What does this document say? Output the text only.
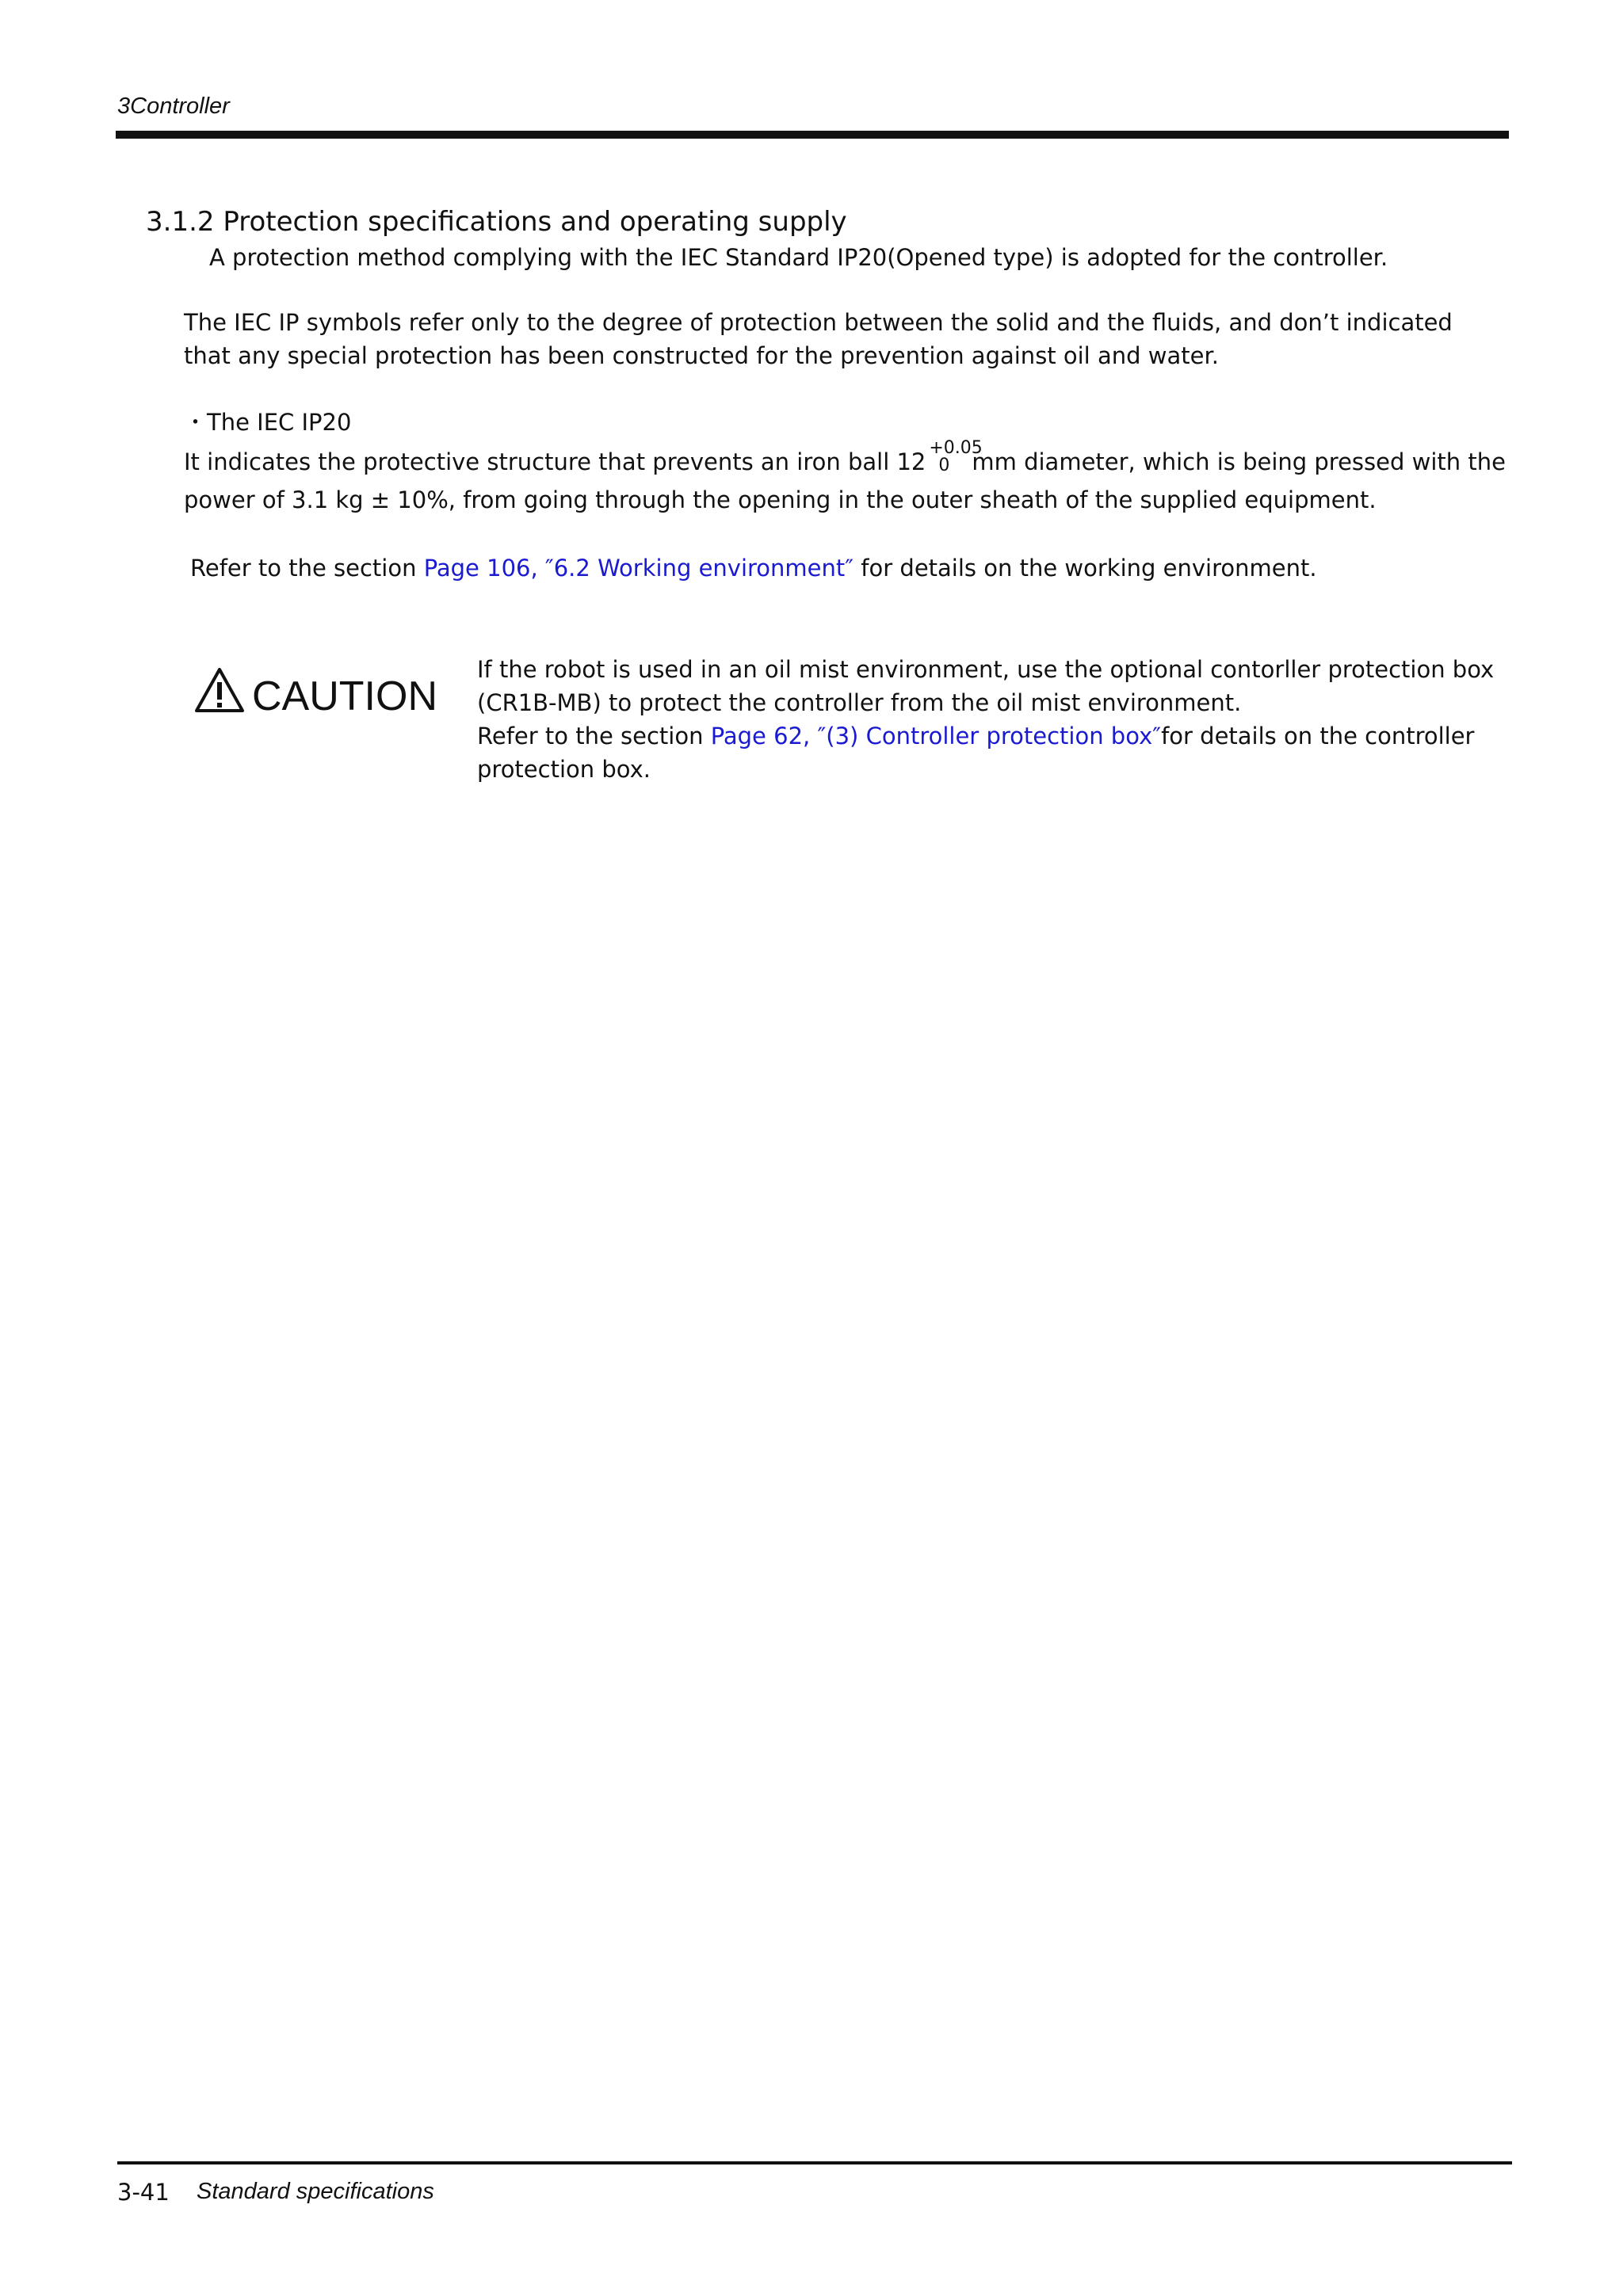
3Controller
3.1.2 Protection specifications and operating supply
A protection method complying with the IEC Standard IP20(Opened type) is adopted for the controller.
The IEC IP symbols refer only to the degree of protection between the solid and the fluids, and don’t indicated
that any special protection has been constructed for the prevention against oil and water.
・The IEC IP20
It indicates the protective structure that prevents an iron ball 12
+0.05
0 mm diameter, which is being pressed with the
power of 3.1 kg ± 10%, from going through the opening in the outer sheath of the supplied equipment.
Refer to the section Page 106, ″6.2 Working environment″ for details on the working environment.
CAUTION
If the robot is used in an oil mist environment, use the optional contorller protection box
(CR1B-MB) to protect the controller from the oil mist environment.
Refer to the section Page 62, ″(3) Controller protection box″for details on the controller
protection box.
3-41 Standard specifications
